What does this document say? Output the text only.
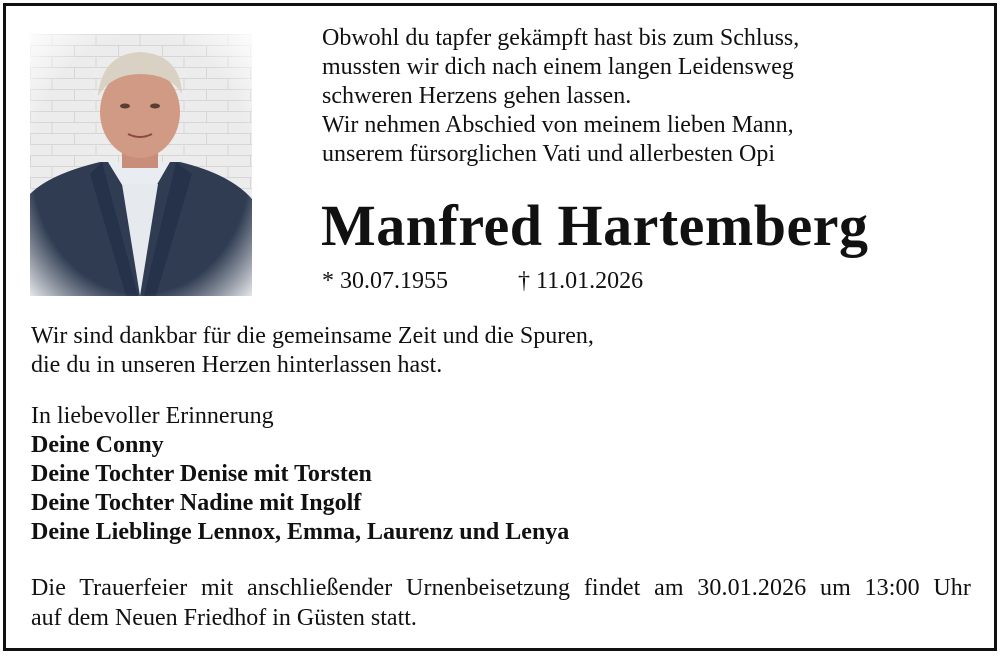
Obwohl du tapfer gekämpft hast bis zum Schluss,
mussten wir dich nach einem langen Leidensweg
schweren Herzens gehen lassen.
Wir nehmen Abschied von meinem lieben Mann,
unserem fürsorglichen Vati und allerbesten Opi
Manfred Hartemberg
* 30.07.1955	† 11.01.2026
Wir sind dankbar für die gemeinsame Zeit und die Spuren,
die du in unseren Herzen hinterlassen hast.
In liebevoller Erinnerung
Deine Conny
Deine Tochter Denise mit Torsten
Deine Tochter Nadine mit Ingolf
Deine Lieblinge Lennox, Emma, Laurenz und Lenya
Die Trauerfeier mit anschließender Urnenbeisetzung findet am 30.01.2026 um 13:00 Uhr
auf dem Neuen Friedhof in Güsten statt.
